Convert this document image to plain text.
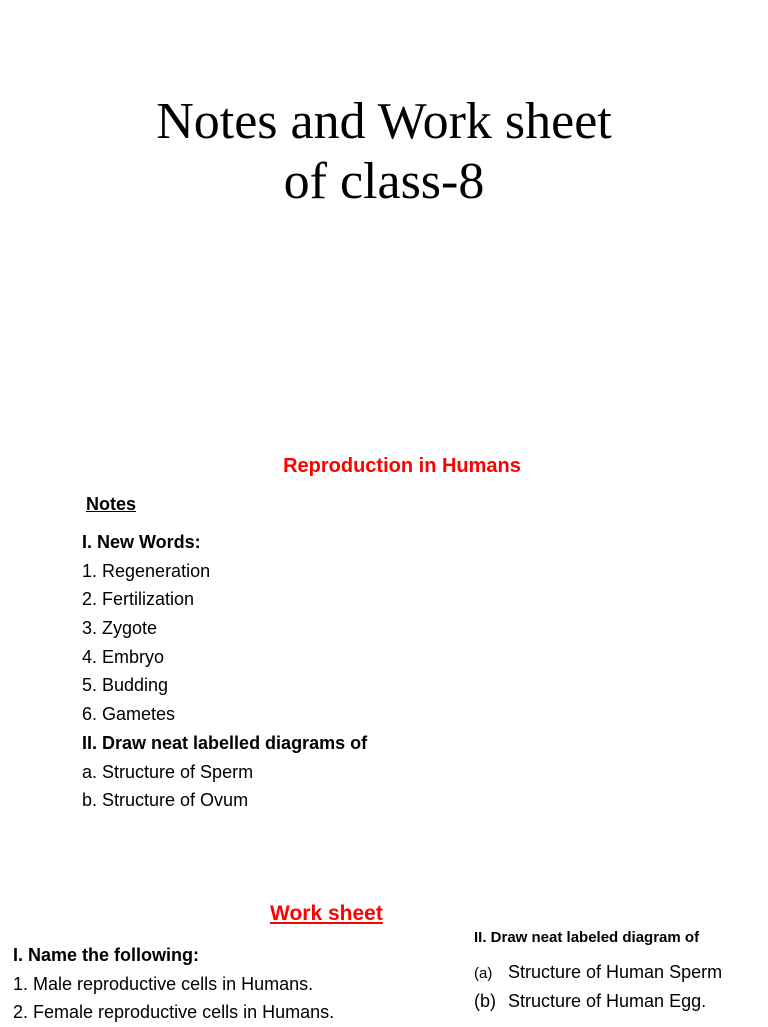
Notes and Work sheet
of class-8
Reproduction in Humans
Notes
I. New Words:
1. Regeneration
2. Fertilization
3. Zygote
4. Embryo
5. Budding
6. Gametes
II. Draw neat labelled diagrams of
a. Structure of Sperm
b. Structure of Ovum
Work sheet
I. Name the following:
1. Male reproductive cells in Humans.
2. Female reproductive cells in Humans.
II. Draw neat labeled diagram of
(a) Structure of Human Sperm
(b) Structure of Human Egg.
